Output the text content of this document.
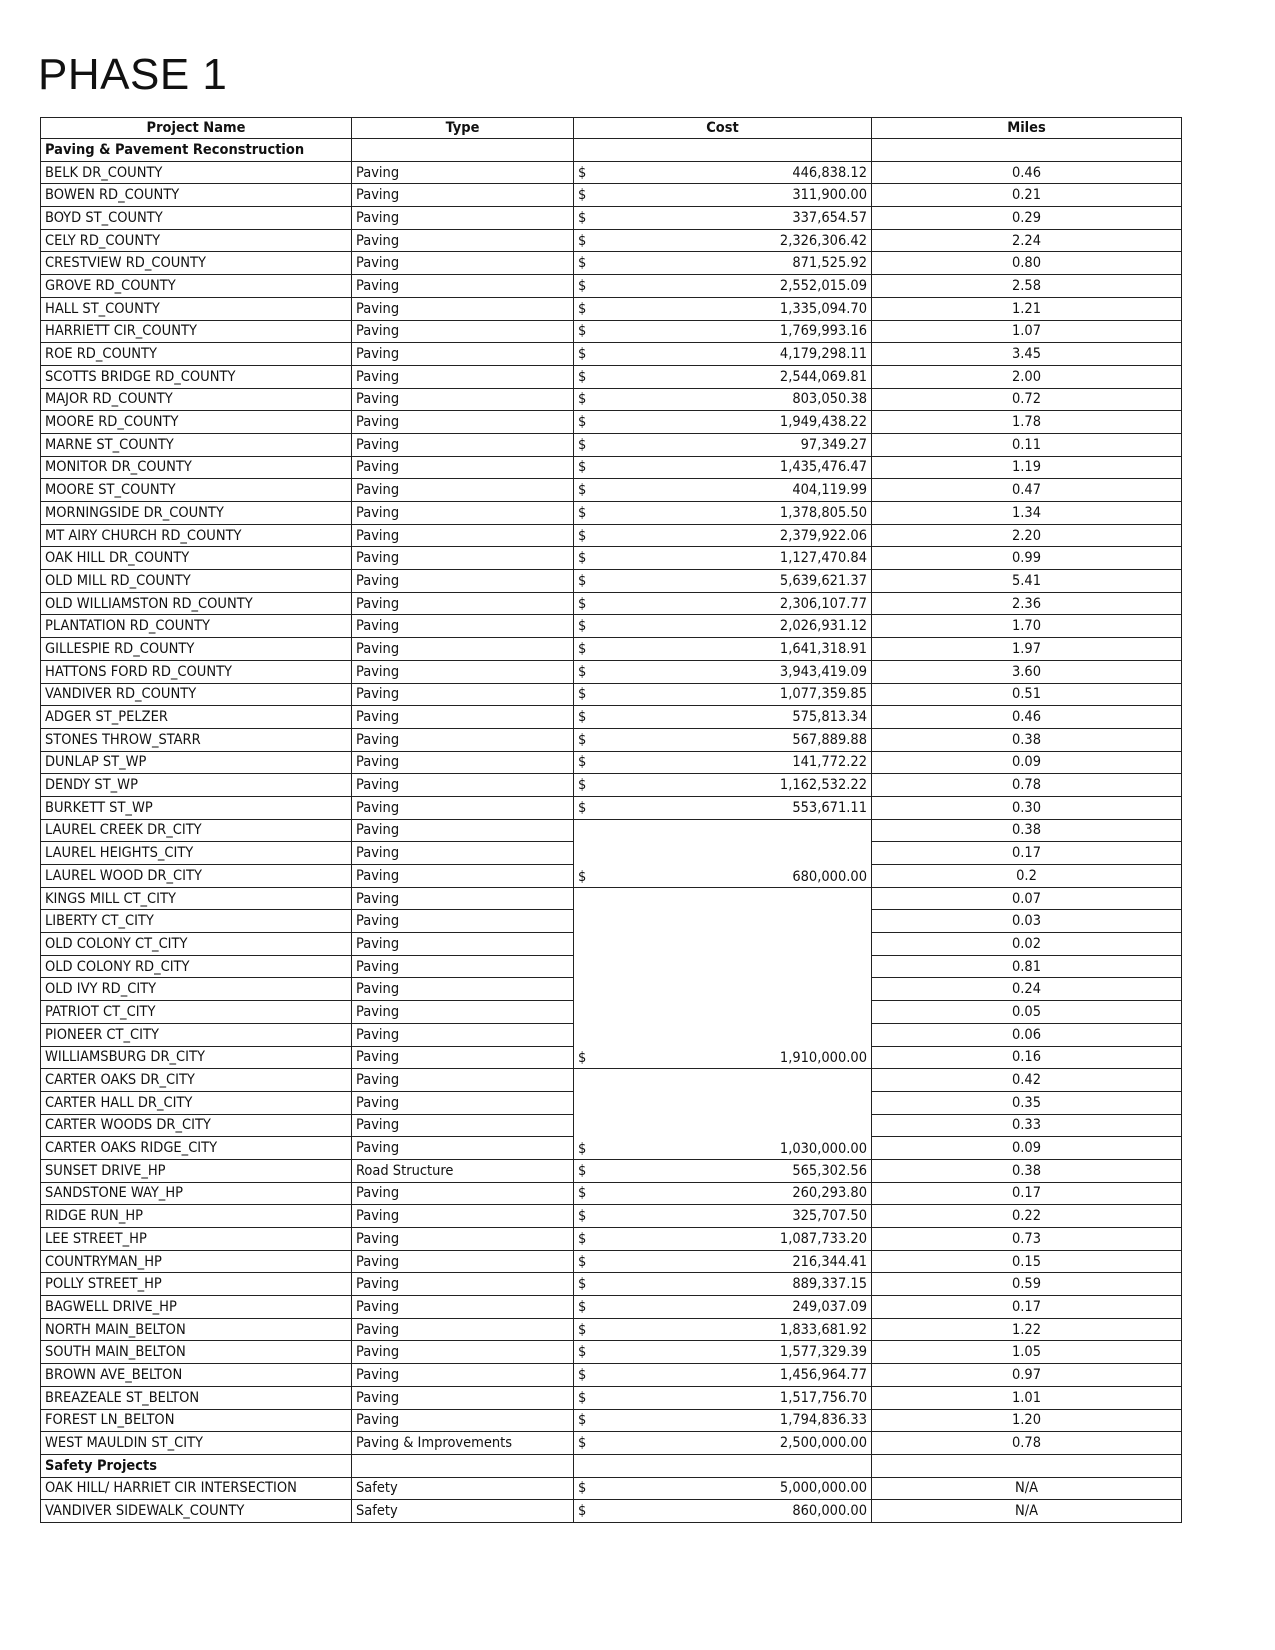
PHASE 1
Project Name	Type	Cost	Miles
Paving & Pavement Reconstruction			
BELK DR_COUNTY	Paving	$ 446,838.12	0.46
BOWEN RD_COUNTY	Paving	$ 311,900.00	0.21
BOYD ST_COUNTY	Paving	$ 337,654.57	0.29
CELY RD_COUNTY	Paving	$ 2,326,306.42	2.24
CRESTVIEW RD_COUNTY	Paving	$ 871,525.92	0.80
GROVE RD_COUNTY	Paving	$ 2,552,015.09	2.58
HALL ST_COUNTY	Paving	$ 1,335,094.70	1.21
HARRIETT CIR_COUNTY	Paving	$ 1,769,993.16	1.07
ROE RD_COUNTY	Paving	$ 4,179,298.11	3.45
SCOTTS BRIDGE RD_COUNTY	Paving	$ 2,544,069.81	2.00
MAJOR RD_COUNTY	Paving	$ 803,050.38	0.72
MOORE RD_COUNTY	Paving	$ 1,949,438.22	1.78
MARNE ST_COUNTY	Paving	$ 97,349.27	0.11
MONITOR DR_COUNTY	Paving	$ 1,435,476.47	1.19
MOORE ST_COUNTY	Paving	$ 404,119.99	0.47
MORNINGSIDE DR_COUNTY	Paving	$ 1,378,805.50	1.34
MT AIRY CHURCH RD_COUNTY	Paving	$ 2,379,922.06	2.20
OAK HILL DR_COUNTY	Paving	$ 1,127,470.84	0.99
OLD MILL RD_COUNTY	Paving	$ 5,639,621.37	5.41
OLD WILLIAMSTON RD_COUNTY	Paving	$ 2,306,107.77	2.36
PLANTATION RD_COUNTY	Paving	$ 2,026,931.12	1.70
GILLESPIE RD_COUNTY	Paving	$ 1,641,318.91	1.97
HATTONS FORD RD_COUNTY	Paving	$ 3,943,419.09	3.60
VANDIVER RD_COUNTY	Paving	$ 1,077,359.85	0.51
ADGER ST_PELZER	Paving	$ 575,813.34	0.46
STONES THROW_STARR	Paving	$ 567,889.88	0.38
DUNLAP ST_WP	Paving	$ 141,772.22	0.09
DENDY ST_WP	Paving	$ 1,162,532.22	0.78
BURKETT ST_WP	Paving	$ 553,671.11	0.30
LAUREL CREEK DR_CITY	Paving	$ 680,000.00	0.38
LAUREL HEIGHTS_CITY	Paving		0.17
LAUREL WOOD DR_CITY	Paving		0.2
KINGS MILL CT_CITY	Paving	$ 1,910,000.00	0.07
LIBERTY CT_CITY	Paving		0.03
OLD COLONY CT_CITY	Paving		0.02
OLD COLONY RD_CITY	Paving		0.81
OLD IVY RD_CITY	Paving		0.24
PATRIOT CT_CITY	Paving		0.05
PIONEER CT_CITY	Paving		0.06
WILLIAMSBURG DR_CITY	Paving		0.16
CARTER OAKS DR_CITY	Paving	$ 1,030,000.00	0.42
CARTER HALL DR_CITY	Paving		0.35
CARTER WOODS DR_CITY	Paving		0.33
CARTER OAKS RIDGE_CITY	Paving		0.09
SUNSET DRIVE_HP	Road Structure	$ 565,302.56	0.38
SANDSTONE WAY_HP	Paving	$ 260,293.80	0.17
RIDGE RUN_HP	Paving	$ 325,707.50	0.22
LEE STREET_HP	Paving	$ 1,087,733.20	0.73
COUNTRYMAN_HP	Paving	$ 216,344.41	0.15
POLLY STREET_HP	Paving	$ 889,337.15	0.59
BAGWELL DRIVE_HP	Paving	$ 249,037.09	0.17
NORTH MAIN_BELTON	Paving	$ 1,833,681.92	1.22
SOUTH MAIN_BELTON	Paving	$ 1,577,329.39	1.05
BROWN AVE_BELTON	Paving	$ 1,456,964.77	0.97
BREAZEALE ST_BELTON	Paving	$ 1,517,756.70	1.01
FOREST LN_BELTON	Paving	$ 1,794,836.33	1.20
WEST MAULDIN ST_CITY	Paving & Improvements	$ 2,500,000.00	0.78
Safety Projects			
OAK HILL/ HARRIET CIR INTERSECTION	Safety	$ 5,000,000.00	N/A
VANDIVER SIDEWALK_COUNTY	Safety	$ 860,000.00	N/A
